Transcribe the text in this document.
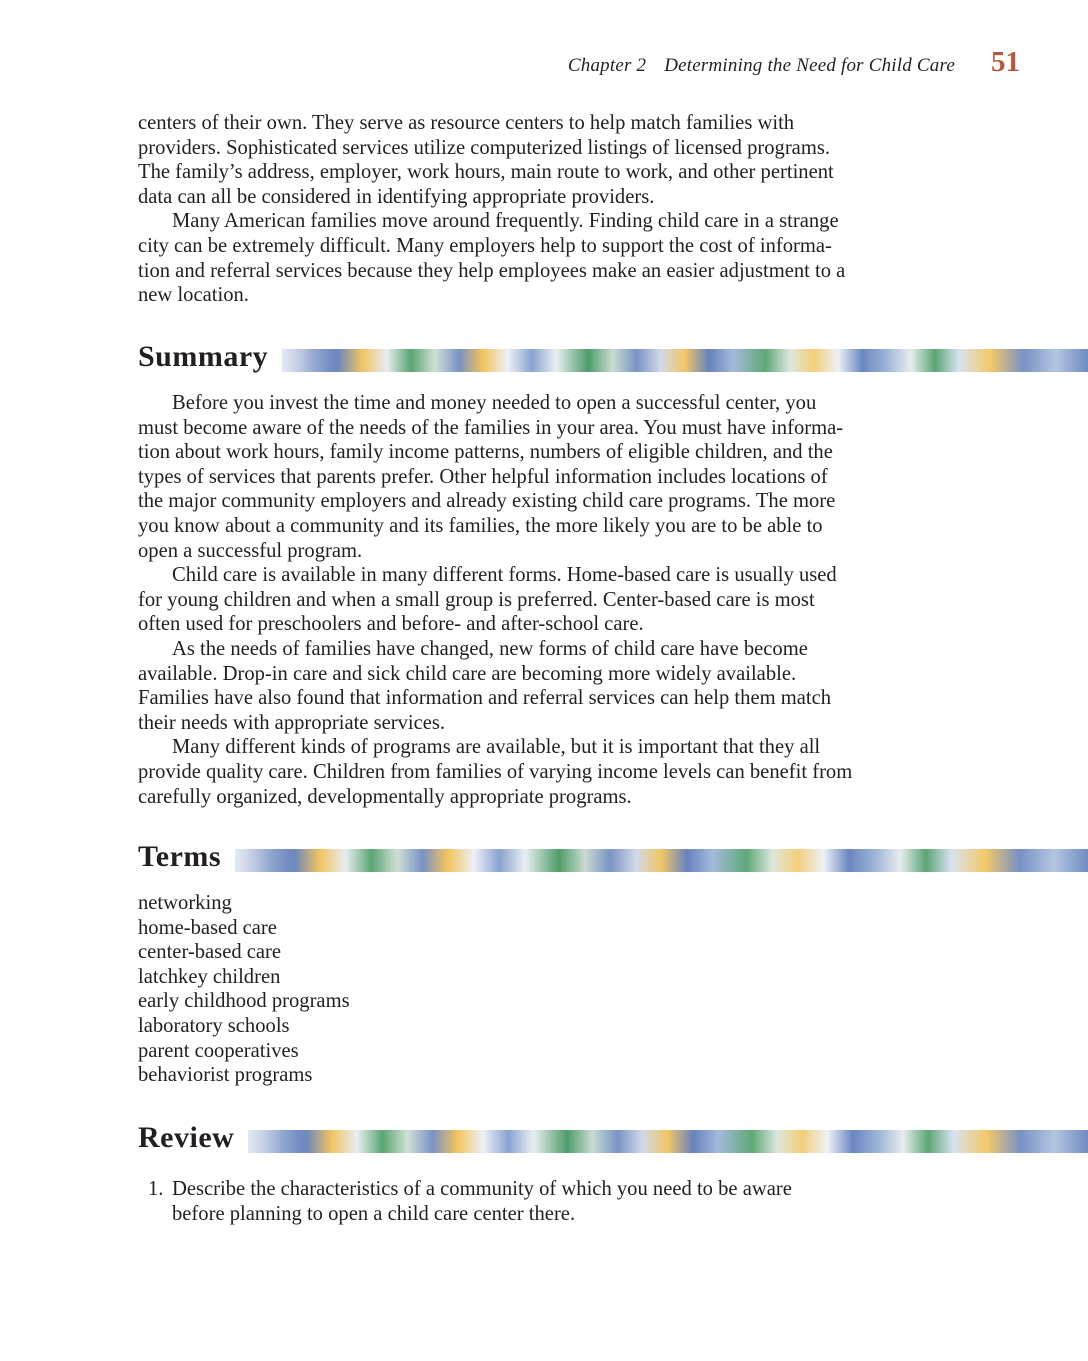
Chapter 2 Determining the Need for Child Care 51
centers of their own. They serve as resource centers to help match families with
providers. Sophisticated services utilize computerized listings of licensed programs.
The family’s address, employer, work hours, main route to work, and other pertinent
data can all be considered in identifying appropriate providers.
Many American families move around frequently. Finding child care in a strange
city can be extremely difficult. Many employers help to support the cost of informa-
tion and referral services because they help employees make an easier adjustment to a
new location.
Summary
Before you invest the time and money needed to open a successful center, you
must become aware of the needs of the families in your area. You must have informa-
tion about work hours, family income patterns, numbers of eligible children, and the
types of services that parents prefer. Other helpful information includes locations of
the major community employers and already existing child care programs. The more
you know about a community and its families, the more likely you are to be able to
open a successful program.
Child care is available in many different forms. Home-based care is usually used
for young children and when a small group is preferred. Center-based care is most
often used for preschoolers and before- and after-school care.
As the needs of families have changed, new forms of child care have become
available. Drop-in care and sick child care are becoming more widely available.
Families have also found that information and referral services can help them match
their needs with appropriate services.
Many different kinds of programs are available, but it is important that they all
provide quality care. Children from families of varying income levels can benefit from
carefully organized, developmentally appropriate programs.
Terms
networking
home-based care
center-based care
latchkey children
early childhood programs
laboratory schools
parent cooperatives
behaviorist programs
Review
1. Describe the characteristics of a community of which you need to be aware
before planning to open a child care center there.
